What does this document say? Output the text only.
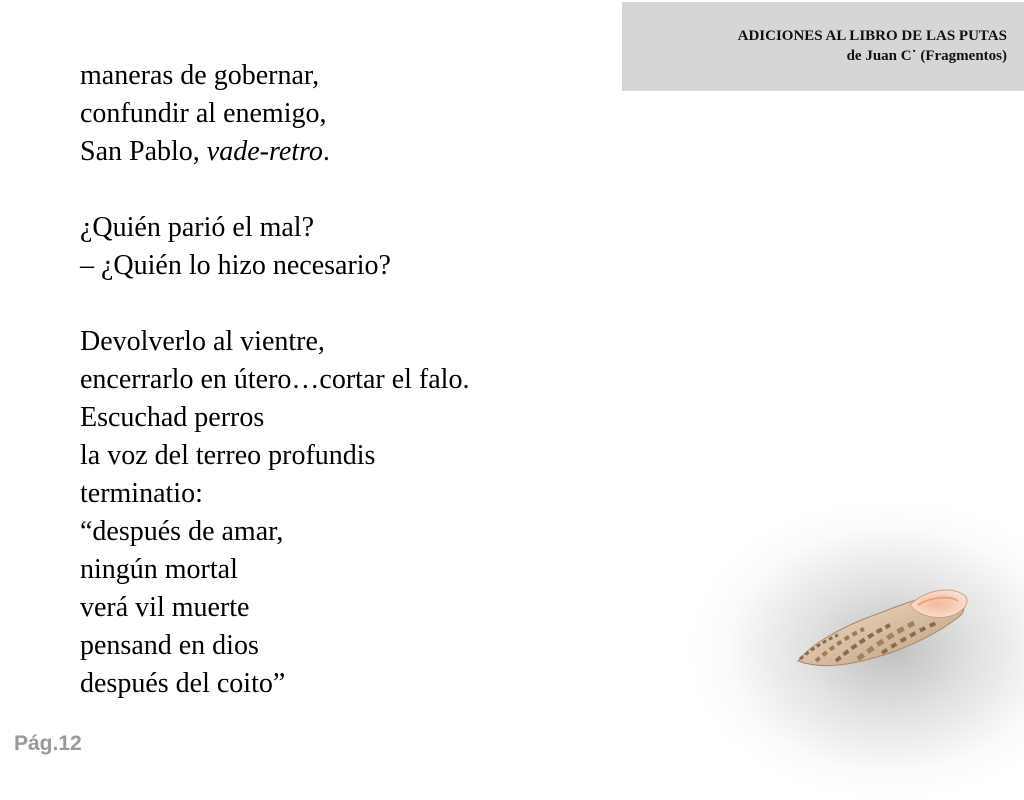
ADICIONES AL LIBRO DE LAS PUTAS
de Juan C˙ (Fragmentos)
maneras de gobernar,
confundir al enemigo,
San Pablo, vade-retro.
¿Quién parió el mal?
– ¿Quién lo hizo necesario?
Devolverlo al vientre,
encerrarlo en útero…cortar el falo.
Escuchad perros
la voz del terreo profundis
terminatio:
“después de amar,
ningún mortal
verá vil muerte
pensand en dios
después del coito”
Pág.12
